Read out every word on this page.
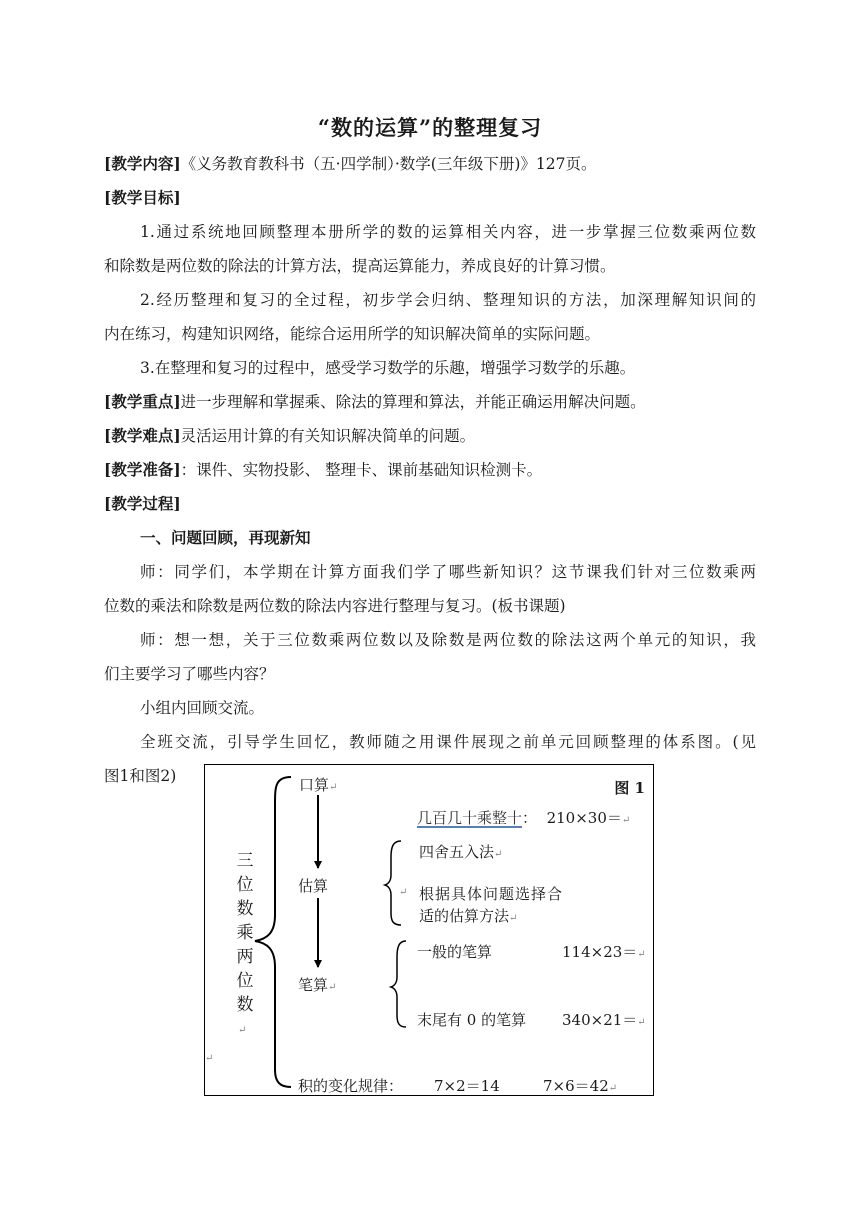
“数的运算”的整理复习
[教学内容]《义务教育教科书（五·四学制）·数学(三年级下册)》127页。
[教学目标]
1.通过系统地回顾整理本册所学的数的运算相关内容，进一步掌握三位数乘两位数
和除数是两位数的除法的计算方法，提高运算能力，养成良好的计算习惯。
2.经历整理和复习的全过程，初步学会归纳、整理知识的方法，加深理解知识间的
内在练习，构建知识网络，能综合运用所学的知识解决简单的实际问题。
3.在整理和复习的过程中，感受学习数学的乐趣，增强学习数学的乐趣。
[教学重点]进一步理解和掌握乘、除法的算理和算法，并能正确运用解决问题。
[教学难点]灵活运用计算的有关知识解决简单的问题。
[教学准备]：课件、实物投影、 整理卡、课前基础知识检测卡。
[教学过程]
一、问题回顾，再现新知
师：同学们，本学期在计算方面我们学了哪些新知识？这节课我们针对三位数乘两
位数的乘法和除数是两位数的除法内容进行整理与复习。(板书课题)
师：想一想，关于三位数乘两位数以及除数是两位数的除法这两个单元的知识，我
们主要学习了哪些内容？
小组内回顾交流。
全班交流，引导学生回忆，教师随之用课件展现之前单元回顾整理的体系图。(见
图1和图2)
三
位
数
乘
两
位
数
图 1
口算↵
几百几十乘整十： 210×30＝↵
估算
四舍五入法↵
↵ 根据具体问题选择合
适的估算方法↵
笔算↵
一般的笔算	114×23＝↵
末尾有 0 的笔算 340×21＝↵
↵
↵
积的变化规律： 7×2＝14	7×6＝42↵
